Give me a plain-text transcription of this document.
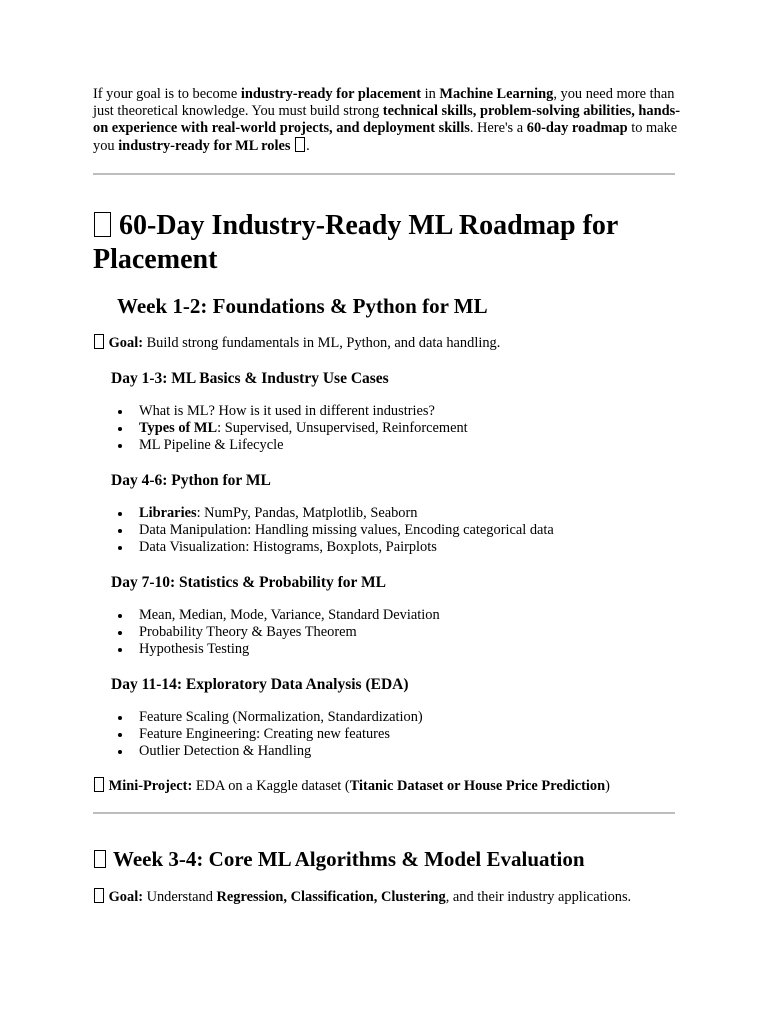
If your goal is to become industry-ready for placement in Machine Learning, you need more than just theoretical knowledge. You must build strong technical skills, problem-solving abilities, hands-on experience with real-world projects, and deployment skills. Here's a 60-day roadmap to make you industry-ready for ML roles .

60-Day Industry-Ready ML Roadmap for Placement
Week 1-2: Foundations & Python for ML

Goal: Build strong fundamentals in ML, Python, and data handling.

Day 1-3: ML Basics & Industry Use Cases
What is ML? How is it used in different industries?
Types of ML: Supervised, Unsupervised, Reinforcement
ML Pipeline & Lifecycle
Day 4-6: Python for ML
Libraries: NumPy, Pandas, Matplotlib, Seaborn
Data Manipulation: Handling missing values, Encoding categorical data
Data Visualization: Histograms, Boxplots, Pairplots
Day 7-10: Statistics & Probability for ML
Mean, Median, Mode, Variance, Standard Deviation
Probability Theory & Bayes Theorem
Hypothesis Testing
Day 11-14: Exploratory Data Analysis (EDA)
Feature Scaling (Normalization, Standardization)
Feature Engineering: Creating new features
Outlier Detection & Handling

Mini-Project: EDA on a Kaggle dataset (Titanic Dataset or House Price Prediction)

Week 3-4: Core ML Algorithms & Model Evaluation

Goal: Understand Regression, Classification, Clustering, and their industry applications.
